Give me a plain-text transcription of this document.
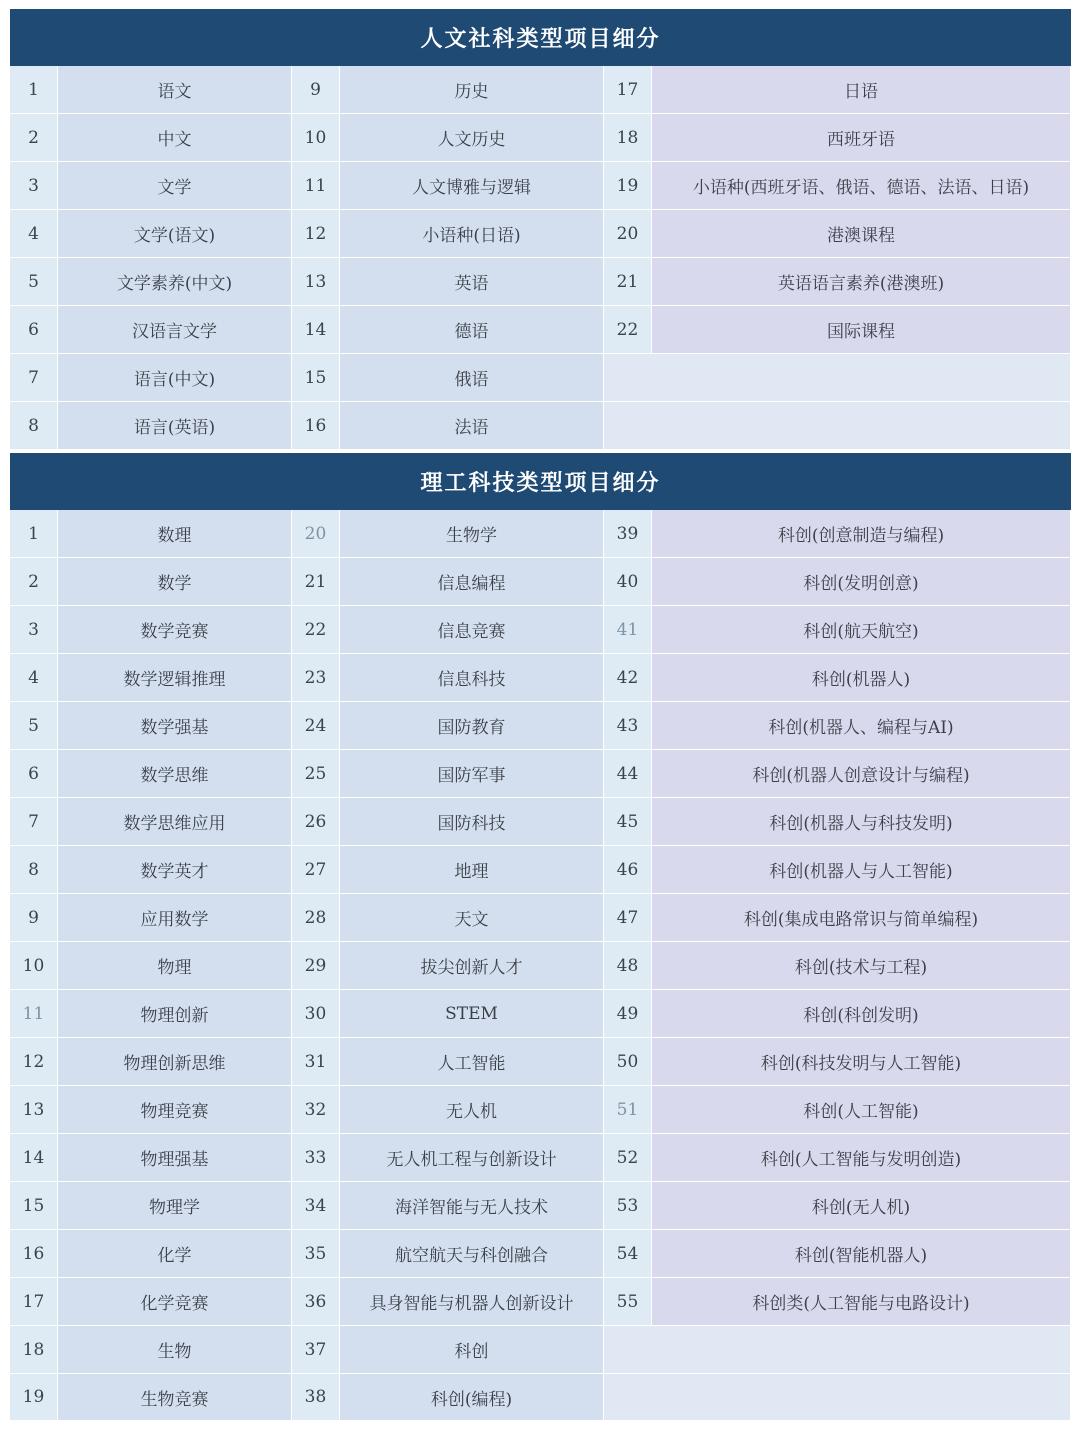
人文社科类型项目细分
1	语文	9	历史	17	日语
2	中文	10	人文历史	18	西班牙语
3	文学	11	人文博雅与逻辑	19	小语种(西班牙语、俄语、德语、法语、日语)
4	文学(语文)	12	小语种(日语)	20	港澳课程
5	文学素养(中文)	13	英语	21	英语语言素养(港澳班)
6	汉语言文学	14	德语	22	国际课程
7	语言(中文)	15	俄语
8	语言(英语)	16	法语
理工科技类型项目细分
1	数理	20	生物学	39	科创(创意制造与编程)
2	数学	21	信息编程	40	科创(发明创意)
3	数学竞赛	22	信息竞赛	41	科创(航天航空)
4	数学逻辑推理	23	信息科技	42	科创(机器人)
5	数学强基	24	国防教育	43	科创(机器人、编程与AI)
6	数学思维	25	国防军事	44	科创(机器人创意设计与编程)
7	数学思维应用	26	国防科技	45	科创(机器人与科技发明)
8	数学英才	27	地理	46	科创(机器人与人工智能)
9	应用数学	28	天文	47	科创(集成电路常识与简单编程)
10	物理	29	拔尖创新人才	48	科创(技术与工程)
11	物理创新	30	STEM	49	科创(科创发明)
12	物理创新思维	31	人工智能	50	科创(科技发明与人工智能)
13	物理竞赛	32	无人机	51	科创(人工智能)
14	物理强基	33	无人机工程与创新设计	52	科创(人工智能与发明创造)
15	物理学	34	海洋智能与无人技术	53	科创(无人机)
16	化学	35	航空航天与科创融合	54	科创(智能机器人)
17	化学竞赛	36	具身智能与机器人创新设计	55	科创类(人工智能与电路设计)
18	生物	37	科创
19	生物竞赛	38	科创(编程)
